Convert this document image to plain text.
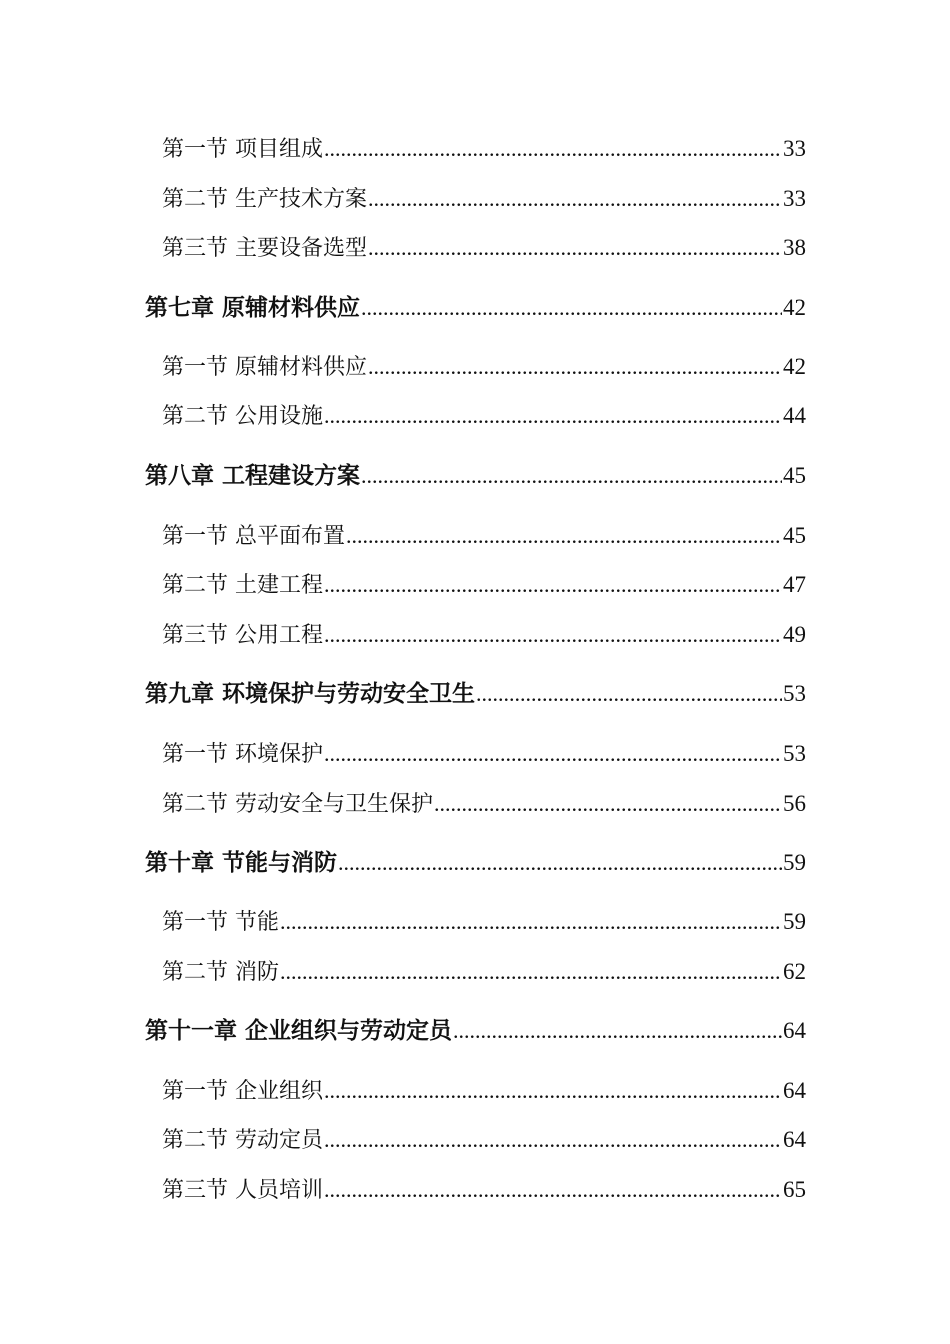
第一节 项目组成 .....	33
第二节 生产技术方案 .....	33
第三节 主要设备选型 .....	38
第七章 原辅材料供应 .....	42
第一节 原辅材料供应 .....	42
第二节 公用设施 .....	44
第八章 工程建设方案 .....	45
第一节 总平面布置 .....	45
第二节 土建工程 .....	47
第三节 公用工程 .....	49
第九章 环境保护与劳动安全卫生 .....	53
第一节 环境保护 .....	53
第二节 劳动安全与卫生保护 .....	56
第十章 节能与消防 .....	59
第一节 节能 .....	59
第二节 消防 .....	62
第十一章 企业组织与劳动定员 .....	64
第一节 企业组织 .....	64
第二节 劳动定员 .....	64
第三节 人员培训 .....	65
